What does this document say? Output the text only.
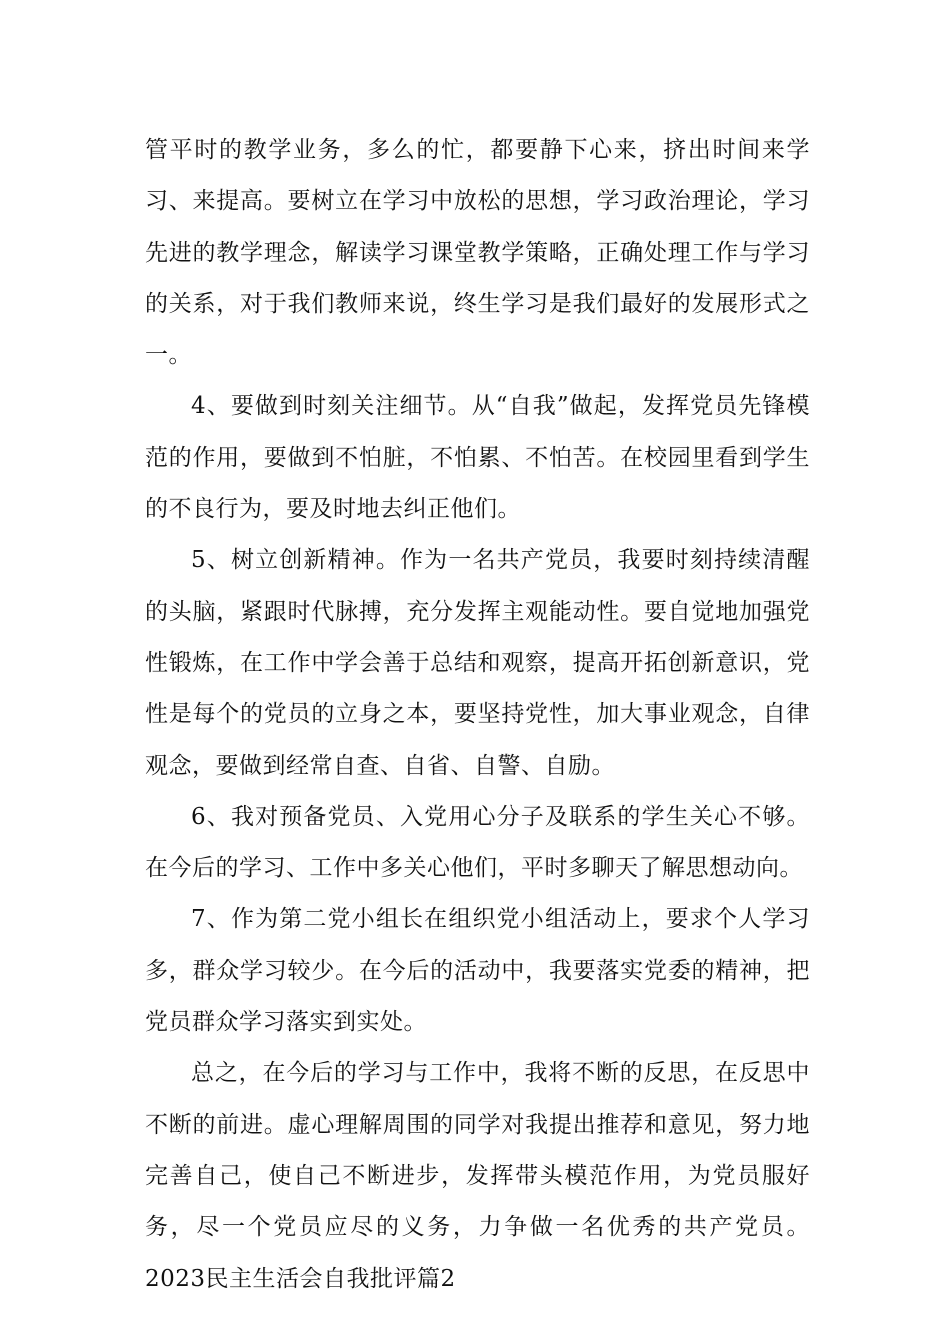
管平时的教学业务，多么的忙，都要静下心来，挤出时间来学习、来提高。要树立在学习中放松的思想，学习政治理论，学习先进的教学理念，解读学习课堂教学策略，正确处理工作与学习的关系，对于我们教师来说，终生学习是我们最好的发展形式之一。

4、要做到时刻关注细节。从“自我”做起，发挥党员先锋模范的作用，要做到不怕脏，不怕累、不怕苦。在校园里看到学生的不良行为，要及时地去纠正他们。

5、树立创新精神。作为一名共产党员，我要时刻持续清醒的头脑，紧跟时代脉搏，充分发挥主观能动性。要自觉地加强党性锻炼，在工作中学会善于总结和观察，提高开拓创新意识，党性是每个的党员的立身之本，要坚持党性，加大事业观念，自律观念，要做到经常自查、自省、自警、自励。

6、我对预备党员、入党用心分子及联系的学生关心不够。在今后的学习、工作中多关心他们，平时多聊天了解思想动向。

7、作为第二党小组长在组织党小组活动上，要求个人学习多，群众学习较少。在今后的活动中，我要落实党委的精神，把党员群众学习落实到实处。

总之，在今后的学习与工作中，我将不断的反思，在反思中不断的前进。虚心理解周围的同学对我提出推荐和意见，努力地完善自己，使自己不断进步，发挥带头模范作用，为党员服好务，尽一个党员应尽的义务，力争做一名优秀的共产党员。 2023民主生活会自我批评篇2
